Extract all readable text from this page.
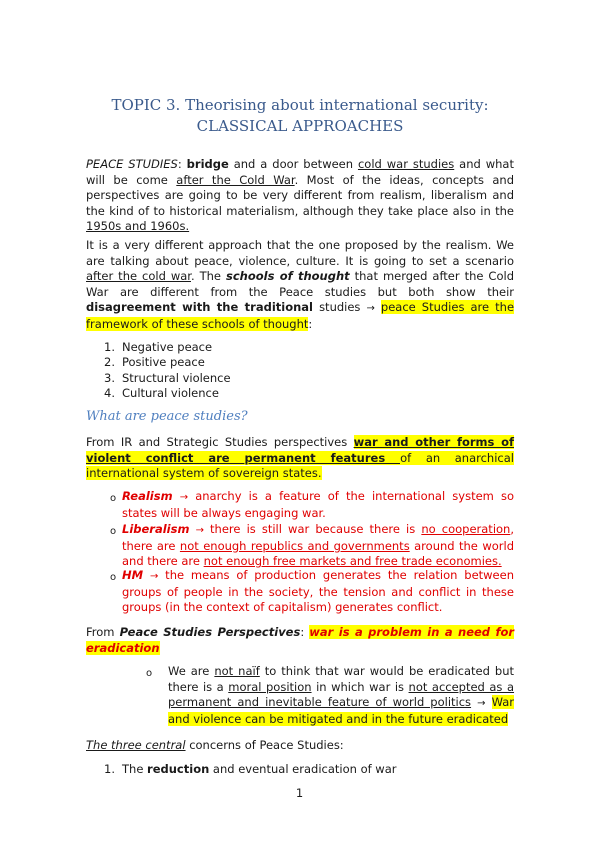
TOPIC 3. Theorising about international security:
CLASSICAL APPROACHES
PEACE STUDIES: bridge and a door between cold war studies and what will be come after the Cold War. Most of the ideas, concepts and perspectives are going to be very different from realism, liberalism and the kind of to historical materialism, although they take place also in the 1950s and 1960s.
It is a very different approach that the one proposed by the realism. We are talking about peace, violence, culture. It is going to set a scenario after the cold war. The schools of thought that merged after the Cold War are different from the Peace studies but both show their disagreement with the traditional studies → peace Studies are the framework of these schools of thought:
1. Negative peace
2. Positive peace
3. Structural violence
4. Cultural violence
What are peace studies?
From IR and Strategic Studies perspectives war and other forms of violent conflict are permanent features of an anarchical international system of sovereign states.
o Realism → anarchy is a feature of the international system so states will be always engaging war.
o Liberalism → there is still war because there is no cooperation, there are not enough republics and governments around the world and there are not enough free markets and free trade economies.
o HM → the means of production generates the relation between groups of people in the society, the tension and conflict in these groups (in the context of capitalism) generates conflict.
From Peace Studies Perspectives: war is a problem in a need for eradication
o	We are not naïf to think that war would be eradicated but there is a moral position in which war is not accepted as a permanent and inevitable feature of world politics → War and violence can be mitigated and in the future eradicated
The three central concerns of Peace Studies:
1. The reduction and eventual eradication of war
1
